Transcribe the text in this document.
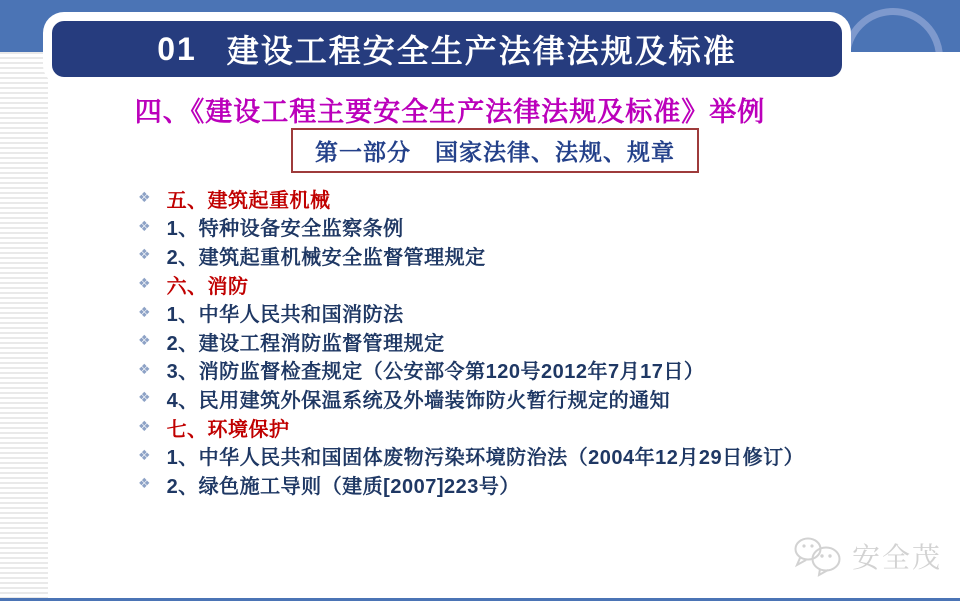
01 建设工程安全生产法律法规及标准
四、《建设工程主要安全生产法律法规及标准》举例
第一部分　国家法律、法规、规章
❖ 五、建筑起重机械
❖ 1、特种设备安全监察条例
❖ 2、建筑起重机械安全监督管理规定
❖ 六、消防
❖ 1、中华人民共和国消防法
❖ 2、建设工程消防监督管理规定
❖ 3、消防监督检查规定（公安部令第120号2012年7月17日）
❖ 4、民用建筑外保温系统及外墙装饰防火暂行规定的通知
❖ 七、环境保护
❖ 1、中华人民共和国固体废物污染环境防治法（2004年12月29日修订）
❖ 2、绿色施工导则（建质[2007]223号）
安全茂
